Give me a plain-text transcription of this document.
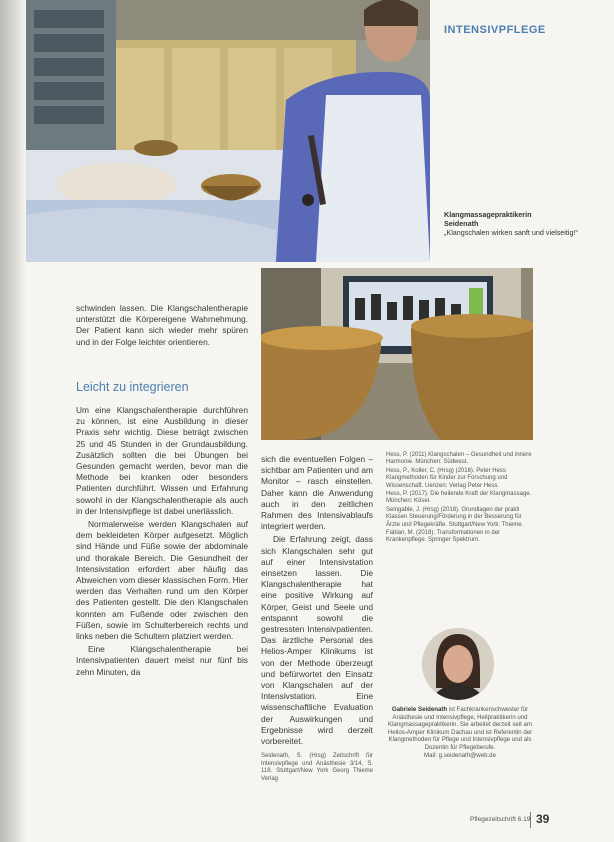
INTENSIVPFLEGE
Klangmassagepraktikerin
Seidenath
„Klangschalen wirken sanft und vielseitig!“

schwinden lassen. Die Klangschalentherapie unterstützt die Körpereigene Wahrnehmung. Der Patient kann sich wieder mehr spüren und in der Folge leichter orientieren.

Leicht zu integrieren

Um eine Klangschalentherapie durchführen zu können, ist eine Ausbildung in dieser Praxis sehr wichtig. Diese beträgt zwischen 25 und 45 Stunden in der Grundausbildung. Zusätzlich sollten die bei Übungen bei Gesunden gemacht werden, bevor man die Methode bei kranken oder besonders Patienten durchführt. Wissen und Erfahrung sowohl in der Klangschalentherapie als auch in der Intensivpflege ist dabei unerlässlich.

Normalerweise werden Klangschalen auf dem bekleideten Körper aufgesetzt. Möglich sind Hände und Füße sowie der abdominale und thorakale Bereich. Die Gesundheit der Intensivstation erfordert aber häufig das Abweichen vom dieser klassischen Form. Hier werden das Verhalten rund um den Körper des Patienten gestellt. Die den Klangschalen konnten am Fußende oder zwischen den Füßen, sowie im Schulterbereich rechts und links neben die Schultern platziert werden.

Eine Klangschalentherapie bei Intensivpatienten dauert meist nur fünf bis zehn Minuten, da

sich die eventuellen Folgen – sichtbar am Patienten und am Monitor – rasch einstellen. Daher kann die Anwendung auch in den zeitlichen Rahmen des Intensivablaufs integriert werden.

Die Erfahrung zeigt, dass sich Klangschalen sehr gut auf einer Intensivstation einsetzen lassen. Die Klangschalentherapie hat eine positive Wirkung auf Körper, Geist und Seele und entspannt sowohl die gestressten Intensivpatienten. Das ärztliche Personal des Helios-Amper Klinikums ist von der Methode überzeugt und befürwortet den Einsatz von Klangschalen auf der Intensivstation. Eine wissenschaftliche Evaluation der Auswirkungen und Ergebnisse wird derzeit vorbereitet.

Seidenath, S. (Hrsg) Zeitschrift für Intensivpflege und Anästhesie 3/14, S. 118. Stuttgart/New York Georg Thieme Verlag
Hess, P. (2011) Klangschalen – Gesundheit und innere Harmonie. München: Südwest.
Hess, P., Koller, C. (Hrsg) (2016). Peter Hess Klangmethoden für Kinder zur Forschung und Wissenschaft. Uenzen: Verlag Peter Hess.
Hess, P. (2017). Die heilende Kraft der Klangmassage. München: Kösel.
Seingable, J. (Hrsg) (2018). Grundlagen der prakti Klassen Steuerung/Förderung in der Besserung für Ärzte und Pflegekräfte. Stuttgart/New York: Thieme.
Fabian, M. (2018). Transformationen in der Krankenpflege. Springer Spektrum.
Gabriele Seidenath ist Fachkrankenschwester für Anästhesie und Intensivpflege, Heilpraktikerin und Klangmassagepraktikerin. Sie arbeitet derzeit seit am Helios-Amper Klinikum Dachau und ist Referentin der Klangmethoden für Pflege und Intensivpflege und als Dozentin für Pflegeberufe.
Mail: g.seidenath@web.de
Pflegezeitschrift 6.19 39
